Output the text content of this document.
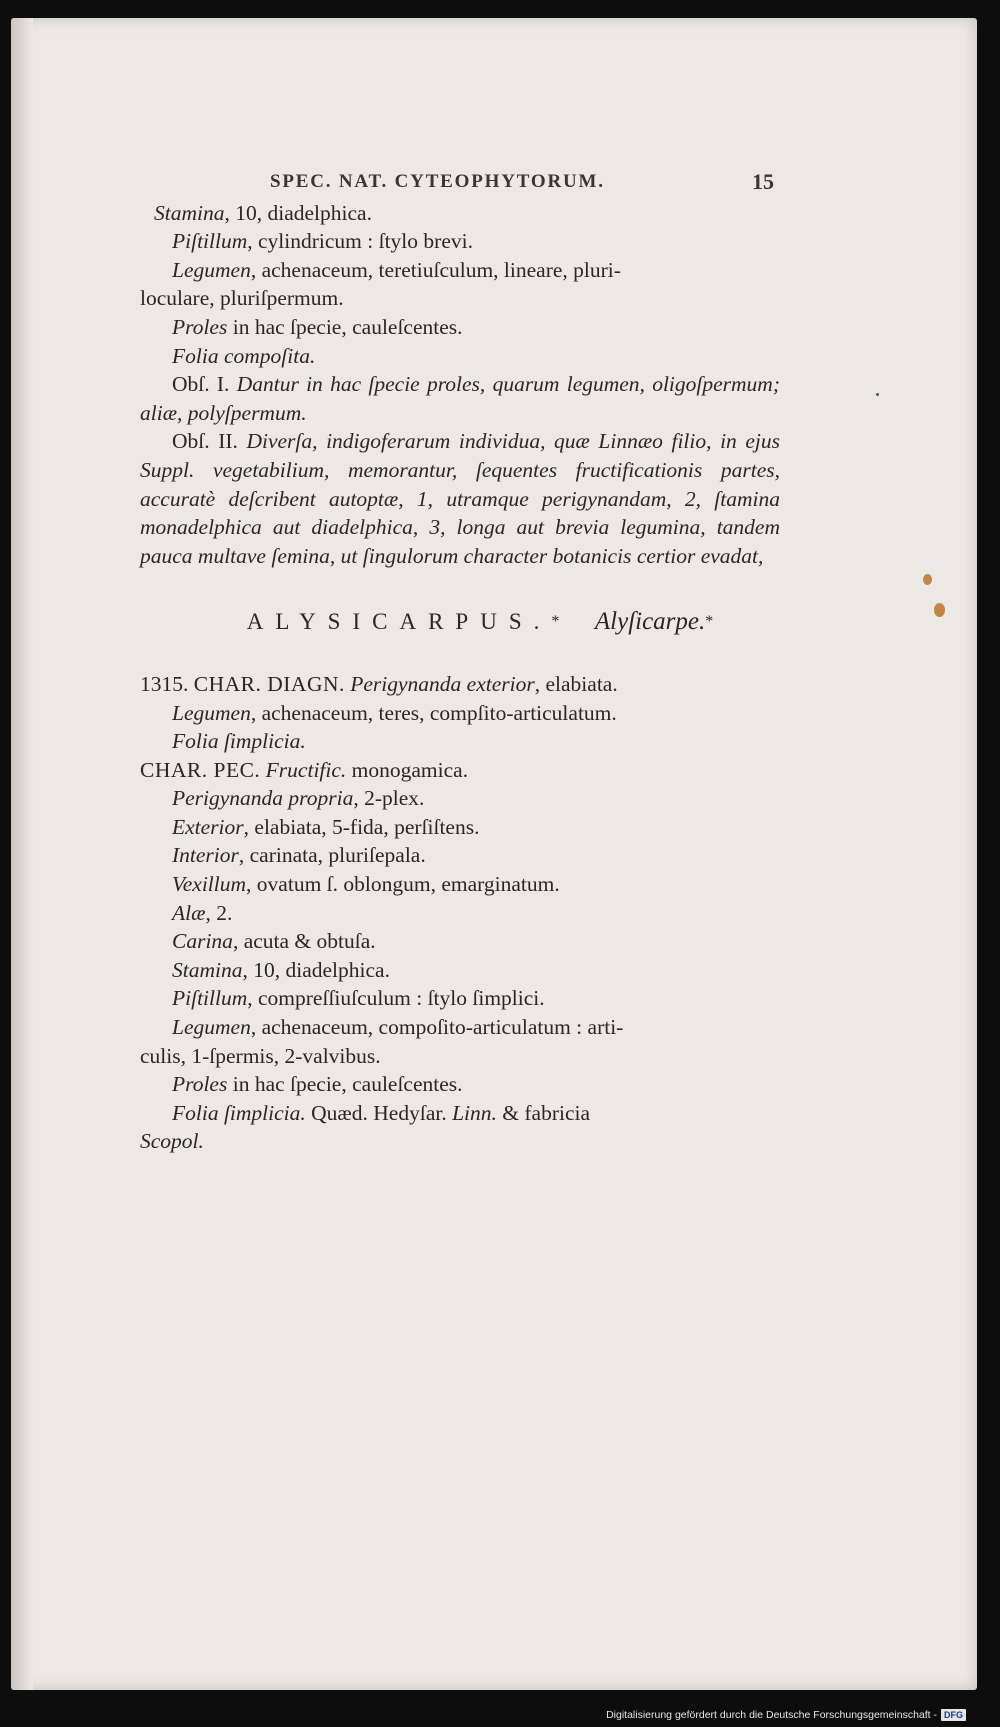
SPEC. NAT. CYTEOPHYTORUM.	15

Stamina, 10, diadelphica.

Piſtillum, cylindricum : ſtylo brevi.

Legumen, achenaceum, teretiuſculum, lineare, pluri-

loculare, pluriſpermum.

Proles in hac ſpecie, cauleſcentes.

Folia compoſita.

Obſ. I. Dantur in hac ſpecie proles, quarum legumen, oligoſpermum; aliæ, polyſpermum.

Obſ. II. Diverſa, indigoferarum individua, quæ Linnæo filio, in ejus Suppl. vegetabilium, memorantur, ſequentes fructificationis partes, accuratè deſcribent autoptæ, 1, utramque perigynandam, 2, ſtamina monadelphica aut diadelphica, 3, longa aut brevia legumina, tandem pauca multave ſemina, ut ſingulorum character botanicis certior evadat,

ALYSICARPUS.* Alyſicarpe.*

1315. CHAR. DIAGN. Perigynanda exterior, elabiata.

Legumen, achenaceum, teres, compſito-articulatum.

Folia ſimplicia.

CHAR. PEC. Fructific. monogamica.

Perigynanda propria, 2-plex.

Exterior, elabiata, 5-fida, perſiſtens.

Interior, carinata, pluriſepala.

Vexillum, ovatum ſ. oblongum, emarginatum.

Alæ, 2.

Carina, acuta & obtuſa.

Stamina, 10, diadelphica.

Piſtillum, compreſſiuſculum : ſtylo ſimplici.

Legumen, achenaceum, compoſito-articulatum : arti-

culis, 1-ſpermis, 2-valvibus.

Proles in hac ſpecie, cauleſcentes.

Folia ſimplicia. Quæd. Hedyſar. Linn. & fabricia

Scopol.

Digitalisierung gefördert durch die Deutsche Forschungsgemeinschaft - DFG
